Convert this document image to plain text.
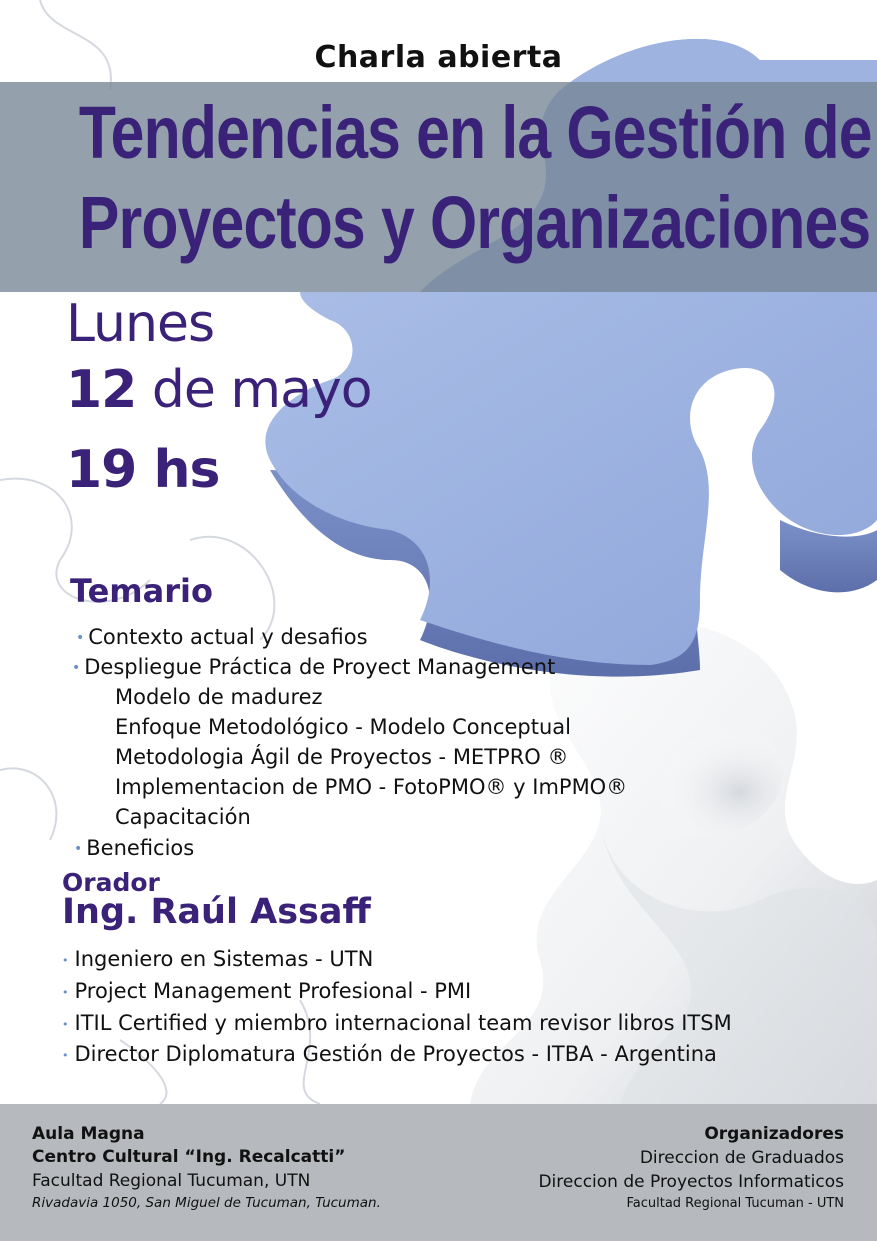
Charla abierta
Tendencias en la Gestión de
Proyectos y Organizaciones
Lunes
12 de mayo
19 hs
Temario
• Contexto actual y desafios
• Despliegue Práctica de Proyect Management
Modelo de madurez
Enfoque Metodológico - Modelo Conceptual
Metodologia Ágil de Proyectos - METPRO ®
Implementacion de PMO - FotoPMO® y ImPMO®
Capacitación
• Beneficios
Orador
Ing. Raúl Assaff
• Ingeniero en Sistemas - UTN
• Project Management Profesional - PMI
• ITIL Certified y miembro internacional team revisor libros ITSM
• Director Diplomatura Gestión de Proyectos - ITBA - Argentina
Aula Magna
Centro Cultural “Ing. Recalcatti”
Facultad Regional Tucuman, UTN
Rivadavia 1050, San Miguel de Tucuman, Tucuman.
Organizadores
Direccion de Graduados
Direccion de Proyectos Informaticos
Facultad Regional Tucuman - UTN
